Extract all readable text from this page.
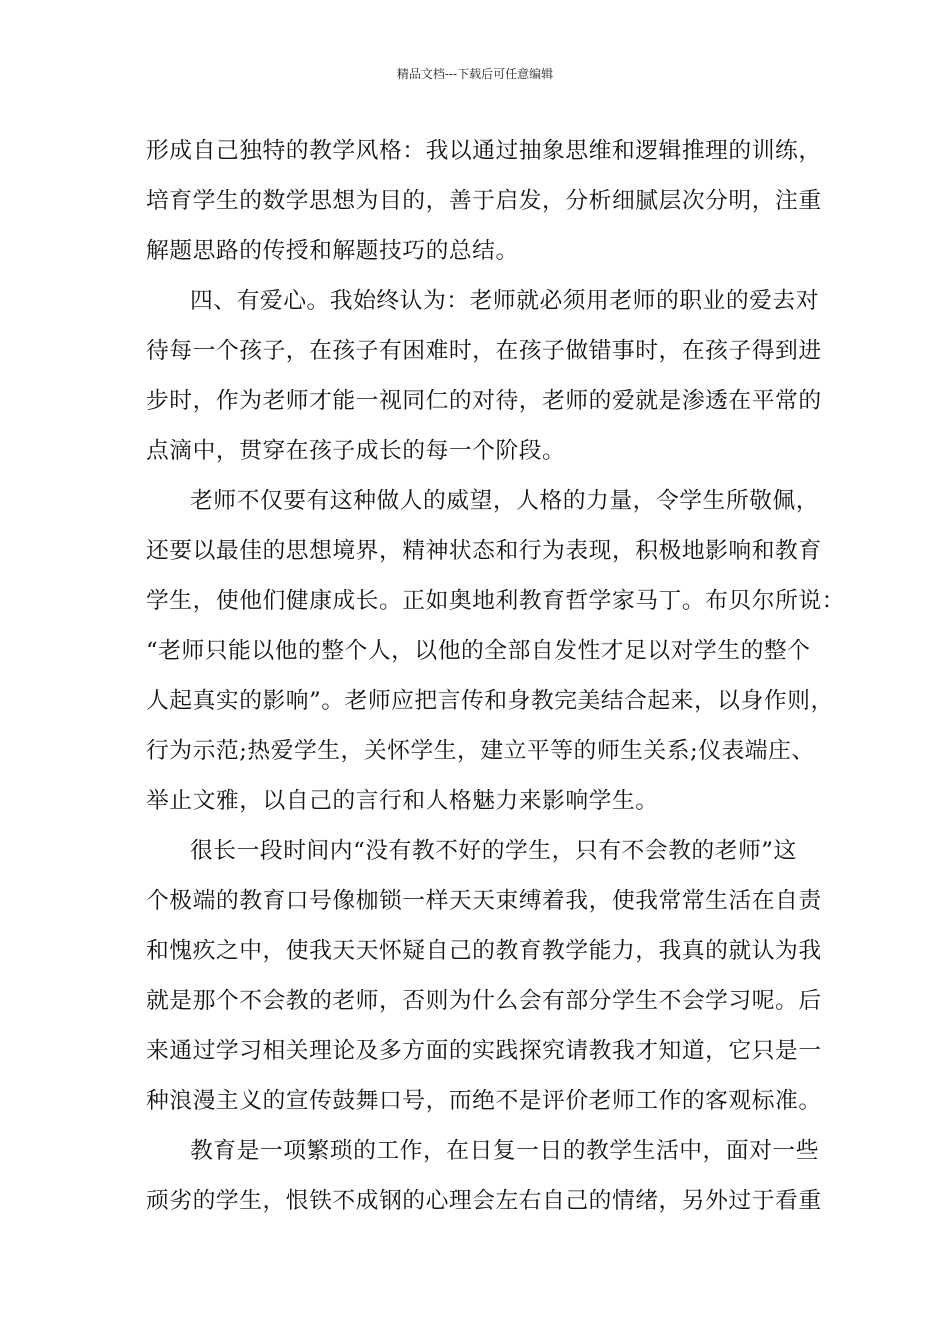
精品文档---下载后可任意编辑
形成自己独特的教学风格：我以通过抽象思维和逻辑推理的训练，
培育学生的数学思想为目的，善于启发，分析细腻层次分明，注重
解题思路的传授和解题技巧的总结。
四、有爱心。我始终认为：老师就必须用老师的职业的爱去对
待每一个孩子，在孩子有困难时，在孩子做错事时，在孩子得到进
步时，作为老师才能一视同仁的对待，老师的爱就是渗透在平常的
点滴中，贯穿在孩子成长的每一个阶段。
老师不仅要有这种做人的威望，人格的力量，令学生所敬佩，
还要以最佳的思想境界，精神状态和行为表现，积极地影响和教育
学生，使他们健康成长。正如奥地利教育哲学家马丁。布贝尔所说：
“老师只能以他的整个人，以他的全部自发性才足以对学生的整个
人起真实的影响”。老师应把言传和身教完美结合起来，以身作则，
行为示范;热爱学生，关怀学生，建立平等的师生关系;仪表端庄、
举止文雅，以自己的言行和人格魅力来影响学生。
很长一段时间内“没有教不好的学生，只有不会教的老师”这
个极端的教育口号像枷锁一样天天束缚着我，使我常常生活在自责
和愧疚之中，使我天天怀疑自己的教育教学能力，我真的就认为我
就是那个不会教的老师，否则为什么会有部分学生不会学习呢。后
来通过学习相关理论及多方面的实践探究请教我才知道，它只是一
种浪漫主义的宣传鼓舞口号，而绝不是评价老师工作的客观标准。
教育是一项繁琐的工作，在日复一日的教学生活中，面对一些
顽劣的学生，恨铁不成钢的心理会左右自己的情绪，另外过于看重
